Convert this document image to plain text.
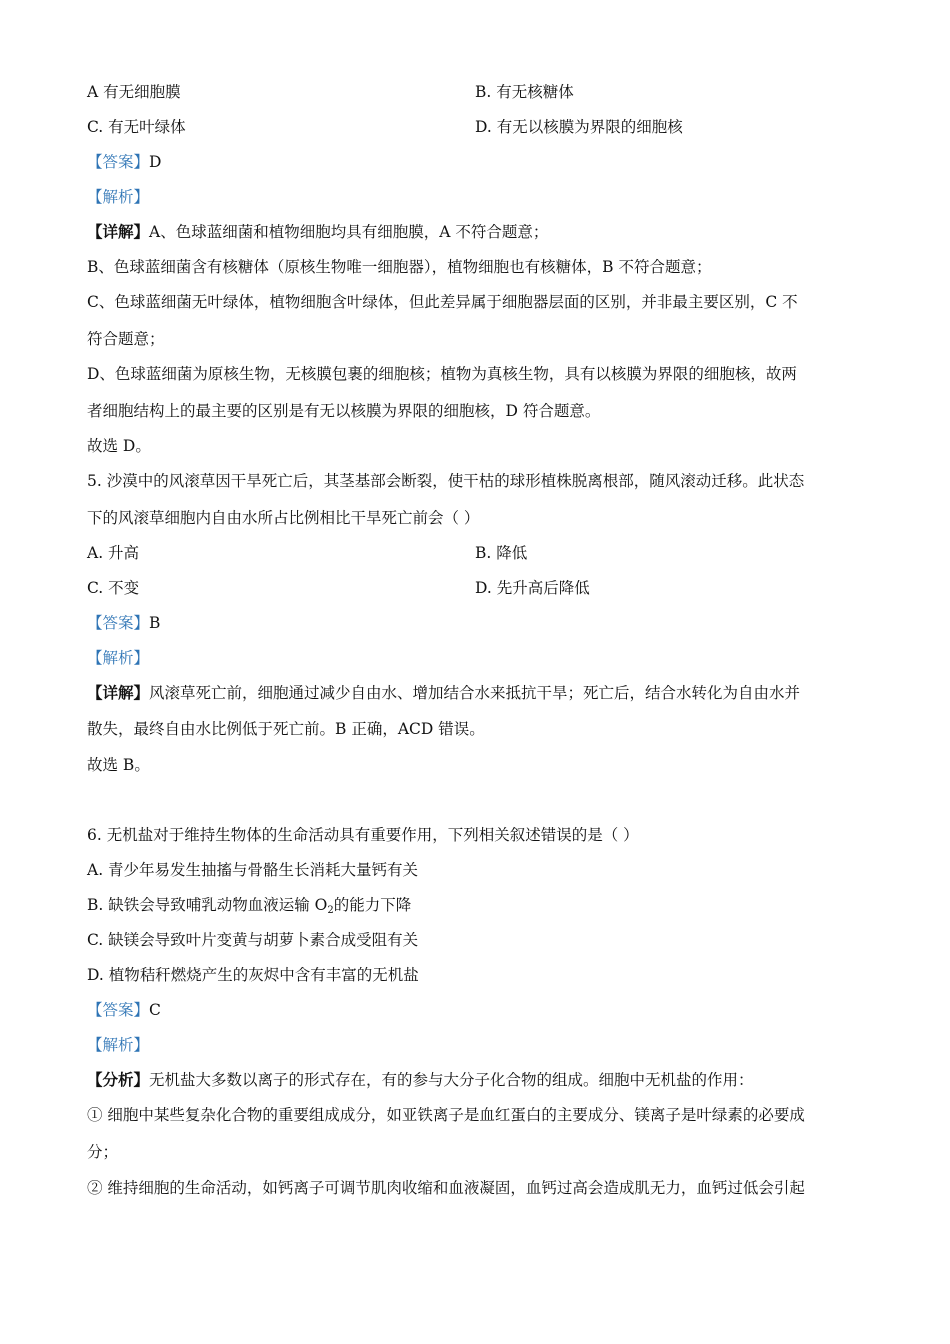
A 有无细胞膜	B. 有无核糖体
C. 有无叶绿体	D. 有无以核膜为界限的细胞核
【答案】D
【解析】
【详解】A、色球蓝细菌和植物细胞均具有细胞膜，A 不符合题意；
B、色球蓝细菌含有核糖体（原核生物唯一细胞器），植物细胞也有核糖体，B 不符合题意；
C、色球蓝细菌无叶绿体，植物细胞含叶绿体，但此差异属于细胞器层面的区别，并非最主要区别，C 不
符合题意；
D、色球蓝细菌为原核生物，无核膜包裹的细胞核；植物为真核生物，具有以核膜为界限的细胞核，故两
者细胞结构上的最主要的区别是有无以核膜为界限的细胞核，D 符合题意。
故选 D。
5. 沙漠中的风滚草因干旱死亡后，其茎基部会断裂，使干枯的球形植株脱离根部，随风滚动迁移。此状态
下的风滚草细胞内自由水所占比例相比干旱死亡前会（ ）
A. 升高	B. 降低
C. 不变	D. 先升高后降低
【答案】B
【解析】
【详解】风滚草死亡前，细胞通过减少自由水、增加结合水来抵抗干旱；死亡后，结合水转化为自由水并
散失，最终自由水比例低于死亡前。B 正确，ACD 错误。
故选 B。
6. 无机盐对于维持生物体的生命活动具有重要作用，下列相关叙述错误的是（ ）
A. 青少年易发生抽搐与骨骼生长消耗大量钙有关
B. 缺铁会导致哺乳动物血液运输 $O_2$的能力下降
C. 缺镁会导致叶片变黄与胡萝卜素合成受阻有关
D. 植物秸秆燃烧产生的灰烬中含有丰富的无机盐
【答案】C
【解析】
【分析】无机盐大多数以离子的形式存在，有的参与大分子化合物的组成。细胞中无机盐的作用：
① 细胞中某些复杂化合物的重要组成成分，如亚铁离子是血红蛋白的主要成分、镁离子是叶绿素的必要成
分；
② 维持细胞的生命活动，如钙离子可调节肌肉收缩和血液凝固，血钙过高会造成肌无力，血钙过低会引起
